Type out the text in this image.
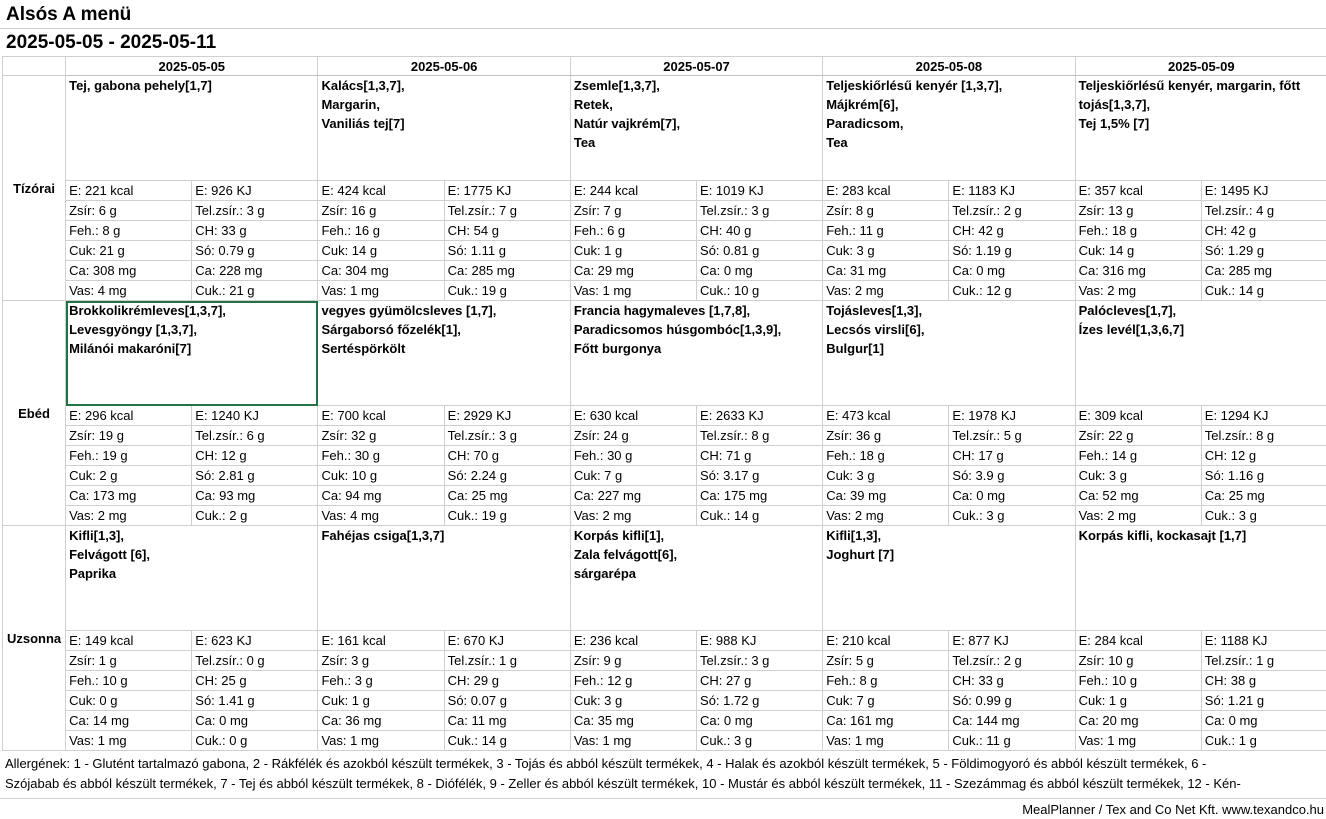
Alsós A menü
2025-05-05 - 2025-05-11
	2025-05-05		2025-05-06		2025-05-07		2025-05-08		2025-05-09	
Tízórai	Tej, gabona pehely[1,7]		Kalács[1,3,7],
Margarin,
Vaniliás tej[7]		Zsemle[1,3,7],
Retek,
Natúr vajkrém[7],
Tea		Teljeskiőrlésű kenyér [1,3,7],
Májkrém[6],
Paradicsom,
Tea		Teljeskiőrlésű kenyér, margarin, főtt
tojás[1,3,7],
Tej 1,5% [7]	

	E: 221 kcal	E: 926 KJ	E: 424 kcal	E: 1775 KJ	E: 244 kcal	E: 1019 KJ	E: 283 kcal	E: 1183 KJ	E: 357 kcal	E: 1495 KJ
	Zsír: 6 g	Tel.zsír.: 3 g	Zsír: 16 g	Tel.zsír.: 7 g	Zsír: 7 g	Tel.zsír.: 3 g	Zsír: 8 g	Tel.zsír.: 2 g	Zsír: 13 g	Tel.zsír.: 4 g
	Feh.: 8 g	CH: 33 g	Feh.: 16 g	CH: 54 g	Feh.: 6 g	CH: 40 g	Feh.: 11 g	CH: 42 g	Feh.: 18 g	CH: 42 g
	Cuk: 21 g	Só: 0.79 g	Cuk: 14 g	Só: 1.11 g	Cuk: 1 g	Só: 0.81 g	Cuk: 3 g	Só: 1.19 g	Cuk: 14 g	Só: 1.29 g
	Ca: 308 mg	Ca: 228 mg	Ca: 304 mg	Ca: 285 mg	Ca: 29 mg	Ca: 0 mg	Ca: 31 mg	Ca: 0 mg	Ca: 316 mg	Ca: 285 mg
	Vas: 4 mg	Cuk.: 21 g	Vas: 1 mg	Cuk.: 19 g	Vas: 1 mg	Cuk.: 10 g	Vas: 2 mg	Cuk.: 12 g	Vas: 2 mg	Cuk.: 14 g
Ebéd	Brokkolikrémleves[1,3,7],
Levesgyöngy [1,3,7],
Milánói makaróni[7]		vegyes gyümölcsleves [1,7],
Sárgaborsó főzelék[1],
Sertéspörkölt		Francia hagymaleves [1,7,8],
Paradicsomos húsgombóc[1,3,9],
Főtt burgonya		Tojásleves[1,3],
Lecsós virsli[6],
Bulgur[1]		Palócleves[1,7],
Ízes levél[1,3,6,7]	

	E: 296 kcal	E: 1240 KJ	E: 700 kcal	E: 2929 KJ	E: 630 kcal	E: 2633 KJ	E: 473 kcal	E: 1978 KJ	E: 309 kcal	E: 1294 KJ
	Zsír: 19 g	Tel.zsír.: 6 g	Zsír: 32 g	Tel.zsír.: 3 g	Zsír: 24 g	Tel.zsír.: 8 g	Zsír: 36 g	Tel.zsír.: 5 g	Zsír: 22 g	Tel.zsír.: 8 g
	Feh.: 19 g	CH: 12 g	Feh.: 30 g	CH: 70 g	Feh.: 30 g	CH: 71 g	Feh.: 18 g	CH: 17 g	Feh.: 14 g	CH: 12 g
	Cuk: 2 g	Só: 2.81 g	Cuk: 10 g	Só: 2.24 g	Cuk: 7 g	Só: 3.17 g	Cuk: 3 g	Só: 3.9 g	Cuk: 3 g	Só: 1.16 g
	Ca: 173 mg	Ca: 93 mg	Ca: 94 mg	Ca: 25 mg	Ca: 227 mg	Ca: 175 mg	Ca: 39 mg	Ca: 0 mg	Ca: 52 mg	Ca: 25 mg
	Vas: 2 mg	Cuk.: 2 g	Vas: 4 mg	Cuk.: 19 g	Vas: 2 mg	Cuk.: 14 g	Vas: 2 mg	Cuk.: 3 g	Vas: 2 mg	Cuk.: 3 g
Uzsonna	Kifli[1,3],
Felvágott [6],
Paprika		Fahéjas csiga[1,3,7]		Korpás kifli[1],
Zala felvágott[6],
sárgarépa		Kifli[1,3],
Joghurt [7]		Korpás kifli, kockasajt [1,7]	

	E: 149 kcal	E: 623 KJ	E: 161 kcal	E: 670 KJ	E: 236 kcal	E: 988 KJ	E: 210 kcal	E: 877 KJ	E: 284 kcal	E: 1188 KJ
	Zsír: 1 g	Tel.zsír.: 0 g	Zsír: 3 g	Tel.zsír.: 1 g	Zsír: 9 g	Tel.zsír.: 3 g	Zsír: 5 g	Tel.zsír.: 2 g	Zsír: 10 g	Tel.zsír.: 1 g
	Feh.: 10 g	CH: 25 g	Feh.: 3 g	CH: 29 g	Feh.: 12 g	CH: 27 g	Feh.: 8 g	CH: 33 g	Feh.: 10 g	CH: 38 g
	Cuk: 0 g	Só: 1.41 g	Cuk: 1 g	Só: 0.07 g	Cuk: 3 g	Só: 1.72 g	Cuk: 7 g	Só: 0.99 g	Cuk: 1 g	Só: 1.21 g
	Ca: 14 mg	Ca: 0 mg	Ca: 36 mg	Ca: 11 mg	Ca: 35 mg	Ca: 0 mg	Ca: 161 mg	Ca: 144 mg	Ca: 20 mg	Ca: 0 mg
	Vas: 1 mg	Cuk.: 0 g	Vas: 1 mg	Cuk.: 14 g	Vas: 1 mg	Cuk.: 3 g	Vas: 1 mg	Cuk.: 11 g	Vas: 1 mg	Cuk.: 1 g
Allergének: 1 - Glutént tartalmazó gabona, 2 - Rákfélék és azokból készült termékek, 3 - Tojás és abból készült termékek, 4 - Halak és azokból készült termékek, 5 - Földimogyoró és abból készült termékek, 6 -
Szójabab és abból készült termékek, 7 - Tej és abból készült termékek, 8 - Diófélék, 9 - Zeller és abból készült termékek, 10 - Mustár és abból készült termékek, 11 - Szezámmag és abból készült termékek, 12 - Kén-
MealPlanner / Tex and Co Net Kft. www.texandco.hu
